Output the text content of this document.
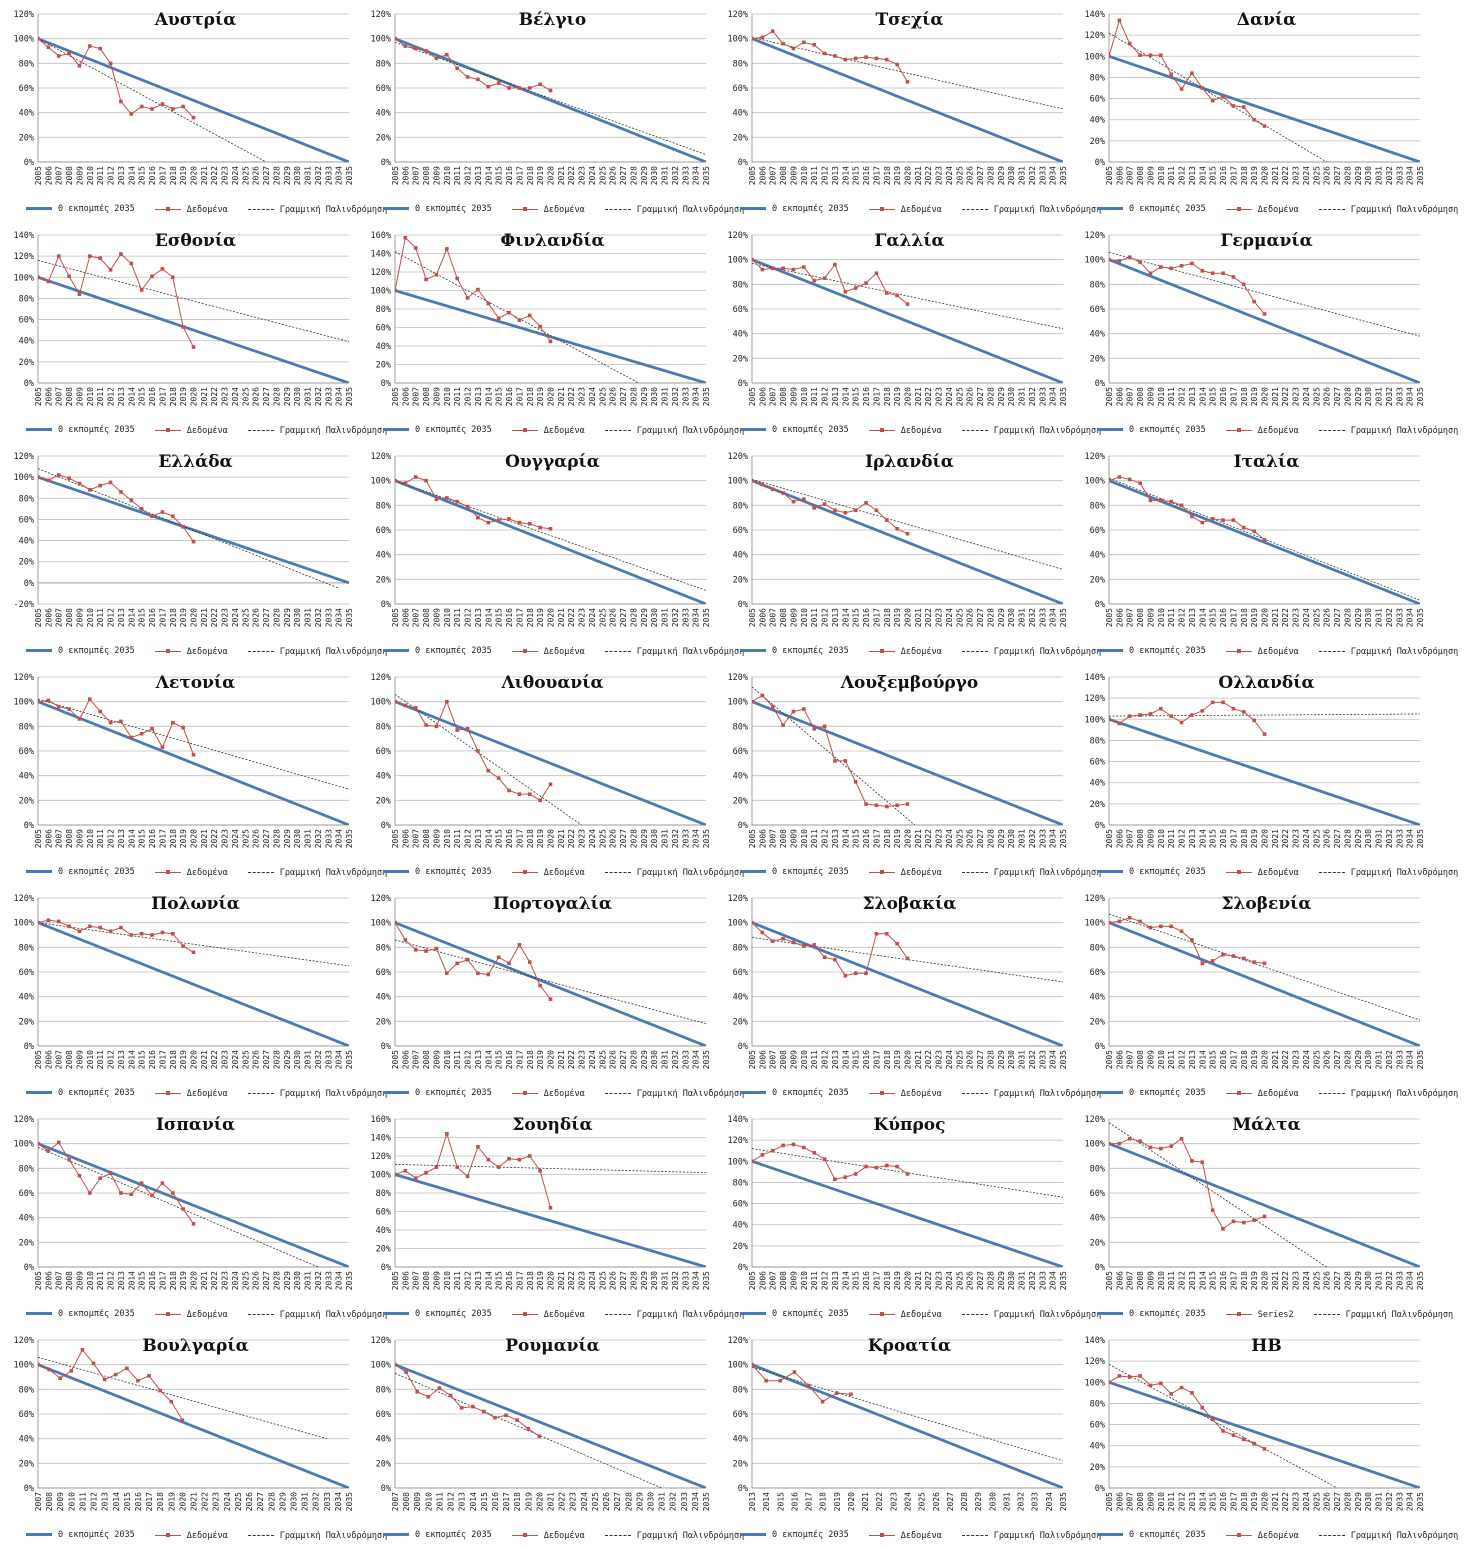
0%
20%
40%
60%
80%
100%
120%
2005 2006 2007 2008 2009 2010 2011 2012 2013 2014 2015 2016 2017 2018 2019 2020 2021 2022 2023 2024 2025 2026 2027 2028 2029 2030 2031 2032 2033 2034 2035
Αυστρία
0 εκπομπές 2035	Δεδομένα	Γραμμική Παλινδρόμηση
0%
20%
40%
60%
80%
100%
120%
2005 2006 2007 2008 2009 2010 2011 2012 2013 2014 2015 2016 2017 2018 2019 2020 2021 2022 2023 2024 2025 2026 2027 2028 2029 2030 2031 2032 2033 2034 2035
Βέλγιο
0 εκπομπές 2035	Δεδομένα	Γραμμική Παλινδρόμηση
0%
20%
40%
60%
80%
100%
120%
2005 2006 2007 2008 2009 2010 2011 2012 2013 2014 2015 2016 2017 2018 2019 2020 2021 2022 2023 2024 2025 2026 2027 2028 2029 2030 2031 2032 2033 2034 2035
Τσεχία
0 εκπομπές 2035	Δεδομένα	Γραμμική Παλινδρόμηση
0%
20%
40%
60%
80%
100%
120%
140%
2005 2006 2007 2008 2009 2010 2011 2012 2013 2014 2015 2016 2017 2018 2019 2020 2021 2022 2023 2024 2025 2026 2027 2028 2029 2030 2031 2032 2033 2034 2035
Δανία
0 εκπομπές 2035	Δεδομένα	Γραμμική Παλινδρόμηση
0%
20%
40%
60%
80%
100%
120%
140%
2005 2006 2007 2008 2009 2010 2011 2012 2013 2014 2015 2016 2017 2018 2019 2020 2021 2022 2023 2024 2025 2026 2027 2028 2029 2030 2031 2032 2033 2034 2035
Εσθονία
0 εκπομπές 2035	Δεδομένα	Γραμμική Παλινδρόμηση
0%
20%
40%
60%
80%
100%
120%
140%
160%
2005 2006 2007 2008 2009 2010 2011 2012 2013 2014 2015 2016 2017 2018 2019 2020 2021 2022 2023 2024 2025 2026 2027 2028 2029 2030 2031 2032 2033 2034 2035
Φινλανδία
0 εκπομπές 2035	Δεδομένα	Γραμμική Παλινδρόμηση
0%
20%
40%
60%
80%
100%
120%
2005 2006 2007 2008 2009 2010 2011 2012 2013 2014 2015 2016 2017 2018 2019 2020 2021 2022 2023 2024 2025 2026 2027 2028 2029 2030 2031 2032 2033 2034 2035
Γαλλία
0 εκπομπές 2035	Δεδομένα	Γραμμική Παλινδρόμηση
0%
20%
40%
60%
80%
100%
120%
2005 2006 2007 2008 2009 2010 2011 2012 2013 2014 2015 2016 2017 2018 2019 2020 2021 2022 2023 2024 2025 2026 2027 2028 2029 2030 2031 2032 2033 2034 2035
Γερμανία
0 εκπομπές 2035	Δεδομένα	Γραμμική Παλινδρόμηση
-20%
0%
20%
40%
60%
80%
100%
120%
2005 2006 2007 2008 2009 2010 2011 2012 2013 2014 2015 2016 2017 2018 2019 2020 2021 2022 2023 2024 2025 2026 2027 2028 2029 2030 2031 2032 2033 2034 2035
Ελλάδα
0 εκπομπές 2035	Δεδομένα	Γραμμική Παλινδρόμηση
0%
20%
40%
60%
80%
100%
120%
2005 2006 2007 2008 2009 2010 2011 2012 2013 2014 2015 2016 2017 2018 2019 2020 2021 2022 2023 2024 2025 2026 2027 2028 2029 2030 2031 2032 2033 2034 2035
Ουγγαρία
0 εκπομπές 2035	Δεδομένα	Γραμμική Παλινδρόμηση
0%
20%
40%
60%
80%
100%
120%
2005 2006 2007 2008 2009 2010 2011 2012 2013 2014 2015 2016 2017 2018 2019 2020 2021 2022 2023 2024 2025 2026 2027 2028 2029 2030 2031 2032 2033 2034 2035
Ιρλανδία
0 εκπομπές 2035	Δεδομένα	Γραμμική Παλινδρόμηση
0%
20%
40%
60%
80%
100%
120%
2005 2006 2007 2008 2009 2010 2011 2012 2013 2014 2015 2016 2017 2018 2019 2020 2021 2022 2023 2024 2025 2026 2027 2028 2029 2030 2031 2032 2033 2034 2035
Ιταλία
0 εκπομπές 2035	Δεδομένα	Γραμμική Παλινδρόμηση
0%
20%
40%
60%
80%
100%
120%
2005 2006 2007 2008 2009 2010 2011 2012 2013 2014 2015 2016 2017 2018 2019 2020 2021 2022 2023 2024 2025 2026 2027 2028 2029 2030 2031 2032 2033 2034 2035
Λετονία
0 εκπομπές 2035	Δεδομένα	Γραμμική Παλινδρόμηση
0%
20%
40%
60%
80%
100%
120%
2005 2006 2007 2008 2009 2010 2011 2012 2013 2014 2015 2016 2017 2018 2019 2020 2021 2022 2023 2024 2025 2026 2027 2028 2029 2030 2031 2032 2033 2034 2035
Λιθουανία
0 εκπομπές 2035	Δεδομένα	Γραμμική Παλινδρόμηση
0%
20%
40%
60%
80%
100%
120%
2005 2006 2007 2008 2009 2010 2011 2012 2013 2014 2015 2016 2017 2018 2019 2020 2021 2022 2023 2024 2025 2026 2027 2028 2029 2030 2031 2032 2033 2034 2035
Λουξεμβούργο
0 εκπομπές 2035	Δεδομένα	Γραμμική Παλινδρόμηση
0%
20%
40%
60%
80%
100%
120%
140%
2005 2006 2007 2008 2009 2010 2011 2012 2013 2014 2015 2016 2017 2018 2019 2020 2021 2022 2023 2024 2025 2026 2027 2028 2029 2030 2031 2032 2033 2034 2035
Ολλανδία
0 εκπομπές 2035	Δεδομένα	Γραμμική Παλινδρόμηση
0%
20%
40%
60%
80%
100%
120%
2005 2006 2007 2008 2009 2010 2011 2012 2013 2014 2015 2016 2017 2018 2019 2020 2021 2022 2023 2024 2025 2026 2027 2028 2029 2030 2031 2032 2033 2034 2035
Πολωνία
0 εκπομπές 2035	Δεδομένα	Γραμμική Παλινδρόμηση
0%
20%
40%
60%
80%
100%
120%
2005 2006 2007 2008 2009 2010 2011 2012 2013 2014 2015 2016 2017 2018 2019 2020 2021 2022 2023 2024 2025 2026 2027 2028 2029 2030 2031 2032 2033 2034 2035
Πορτογαλία
0 εκπομπές 2035	Δεδομένα	Γραμμική Παλινδρόμηση
0%
20%
40%
60%
80%
100%
120%
2005 2006 2007 2008 2009 2010 2011 2012 2013 2014 2015 2016 2017 2018 2019 2020 2021 2022 2023 2024 2025 2026 2027 2028 2029 2030 2031 2032 2033 2034 2035
Σλοβακία
0 εκπομπές 2035	Δεδομένα	Γραμμική Παλινδρόμηση
0%
20%
40%
60%
80%
100%
120%
2005 2006 2007 2008 2009 2010 2011 2012 2013 2014 2015 2016 2017 2018 2019 2020 2021 2022 2023 2024 2025 2026 2027 2028 2029 2030 2031 2032 2033 2034 2035
Σλοβενία
0 εκπομπές 2035	Δεδομένα	Γραμμική Παλινδρόμηση
0%
20%
40%
60%
80%
100%
120%
2005 2006 2007 2008 2009 2010 2011 2012 2013 2014 2015 2016 2017 2018 2019 2020 2021 2022 2023 2024 2025 2026 2027 2028 2029 2030 2031 2032 2033 2034 2035
Ισπανία
0 εκπομπές 2035	Δεδομένα	Γραμμική Παλινδρόμηση
0%
20%
40%
60%
80%
100%
120%
140%
160%
2005 2006 2007 2008 2009 2010 2011 2012 2013 2014 2015 2016 2017 2018 2019 2020 2021 2022 2023 2024 2025 2026 2027 2028 2029 2030 2031 2032 2033 2034 2035
Σουηδία
0 εκπομπές 2035	Δεδομένα	Γραμμική Παλινδρόμηση
0%
20%
40%
60%
80%
100%
120%
140%
2005 2006 2007 2008 2009 2010 2011 2012 2013 2014 2015 2016 2017 2018 2019 2020 2021 2022 2023 2024 2025 2026 2027 2028 2029 2030 2031 2032 2033 2034 2035
Κύπρος
0 εκπομπές 2035	Δεδομένα	Γραμμική Παλινδρόμηση
0%
20%
40%
60%
80%
100%
120%
2005 2006 2007 2008 2009 2010 2011 2012 2013 2014 2015 2016 2017 2018 2019 2020 2021 2022 2023 2024 2025 2026 2027 2028 2029 2030 2031 2032 2033 2034 2035
Μάλτα
0 εκπομπές 2035	Series2	Γραμμική Παλινδρόμηση
0%
20%
40%
60%
80%
100%
120%
2007 2008 2009 2010 2011 2012 2013 2014 2015 2016 2017 2018 2019 2020 2021 2022 2023 2024 2025 2026 2027 2028 2029 2030 2031 2032 2033 2034 2035
Βουλγαρία
0 εκπομπές 2035	Δεδομένα	Γραμμική Παλινδρόμηση
0%
20%
40%
60%
80%
100%
120%
2007 2008 2009 2010 2011 2012 2013 2014 2015 2016 2017 2018 2019 2020 2021 2022 2023 2024 2025 2026 2027 2028 2029 2030 2031 2032 2033 2034 2035
Ρουμανία
0 εκπομπές 2035	Δεδομένα	Γραμμική Παλινδρόμηση
0%
20%
40%
60%
80%
100%
120%
2013 2014 2015 2016 2017 2018 2019 2020 2021 2022 2023 2024 2025 2026 2027 2028 2029 2030 2031 2032 2033 2034 2035
Κροατία
0 εκπομπές 2035	Δεδομένα	Γραμμική Παλινδρόμηση
0%
20%
40%
60%
80%
100%
120%
140%
2005 2006 2007 2008 2009 2010 2011 2012 2013 2014 2015 2016 2017 2018 2019 2020 2021 2022 2023 2024 2025 2026 2027 2028 2029 2030 2031 2032 2033 2034 2035
ΗΒ
0 εκπομπές 2035	Δεδομένα	Γραμμική Παλινδρόμηση
